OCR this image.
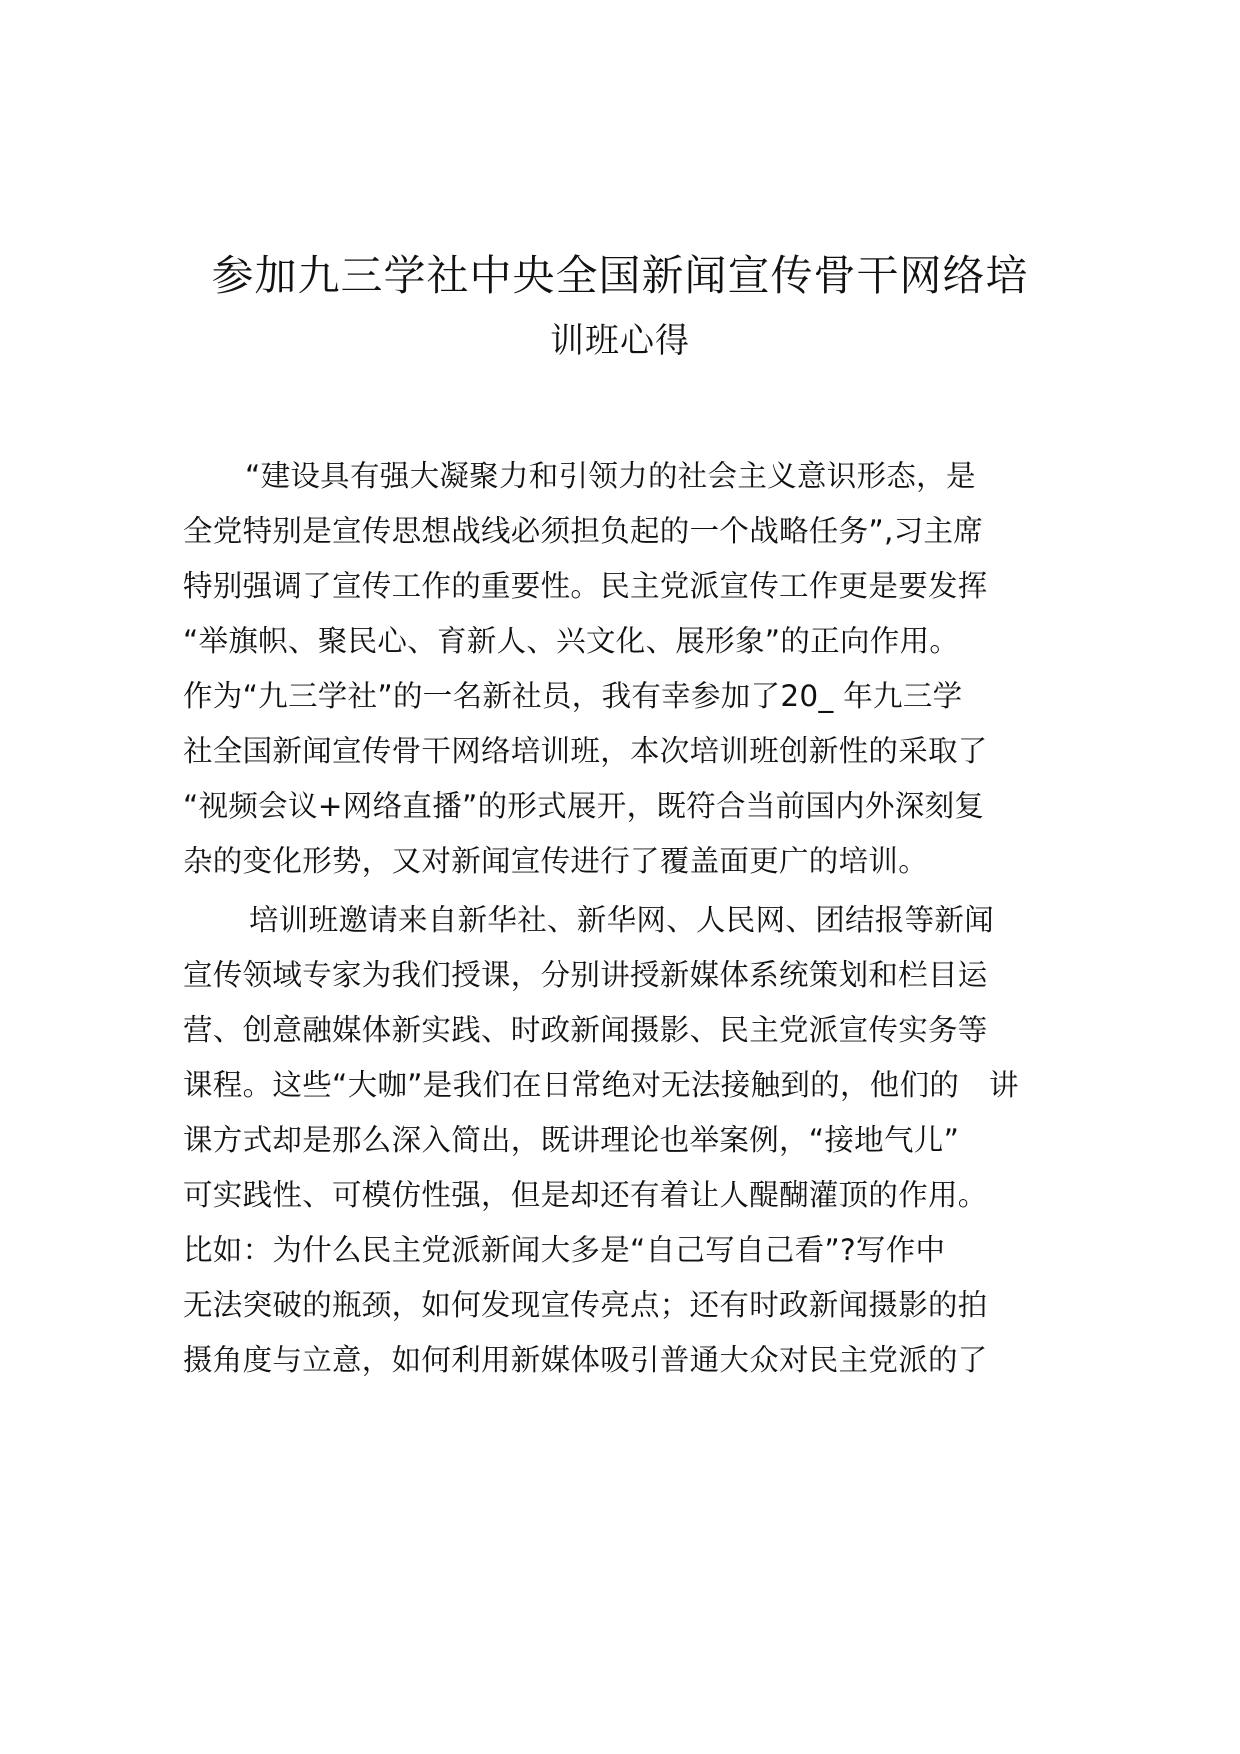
参加九三学社中央全国新闻宣传骨干网络培
训班心得

“建设具有强大凝聚力和引领力的社会主义意识形态，是

全党特别是宣传思想战线必须担负起的一个战略任务”,习主席

特别强调了宣传工作的重要性。民主党派宣传工作更是要发挥

“举旗帜、聚民心、育新人、兴文化、展形象”的正向作用。

作为“九三学社”的一名新社员，我有幸参加了20_ 年九三学

社全国新闻宣传骨干网络培训班，本次培训班创新性的采取了

“视频会议+网络直播”的形式展开，既符合当前国内外深刻复

杂的变化形势，又对新闻宣传进行了覆盖面更广的培训。

培训班邀请来自新华社、新华网、人民网、团结报等新闻

宣传领域专家为我们授课，分别讲授新媒体系统策划和栏目运

营、创意融媒体新实践、时政新闻摄影、民主党派宣传实务等

课程。这些“大咖”是我们在日常绝对无法接触到的，他们的　讲

课方式却是那么深入简出，既讲理论也举案例，“接地气儿”

可实践性、可模仿性强，但是却还有着让人醍醐灌顶的作用。

比如：为什么民主党派新闻大多是“自己写自己看”?写作中

无法突破的瓶颈，如何发现宣传亮点；还有时政新闻摄影的拍

摄角度与立意，如何利用新媒体吸引普通大众对民主党派的了
